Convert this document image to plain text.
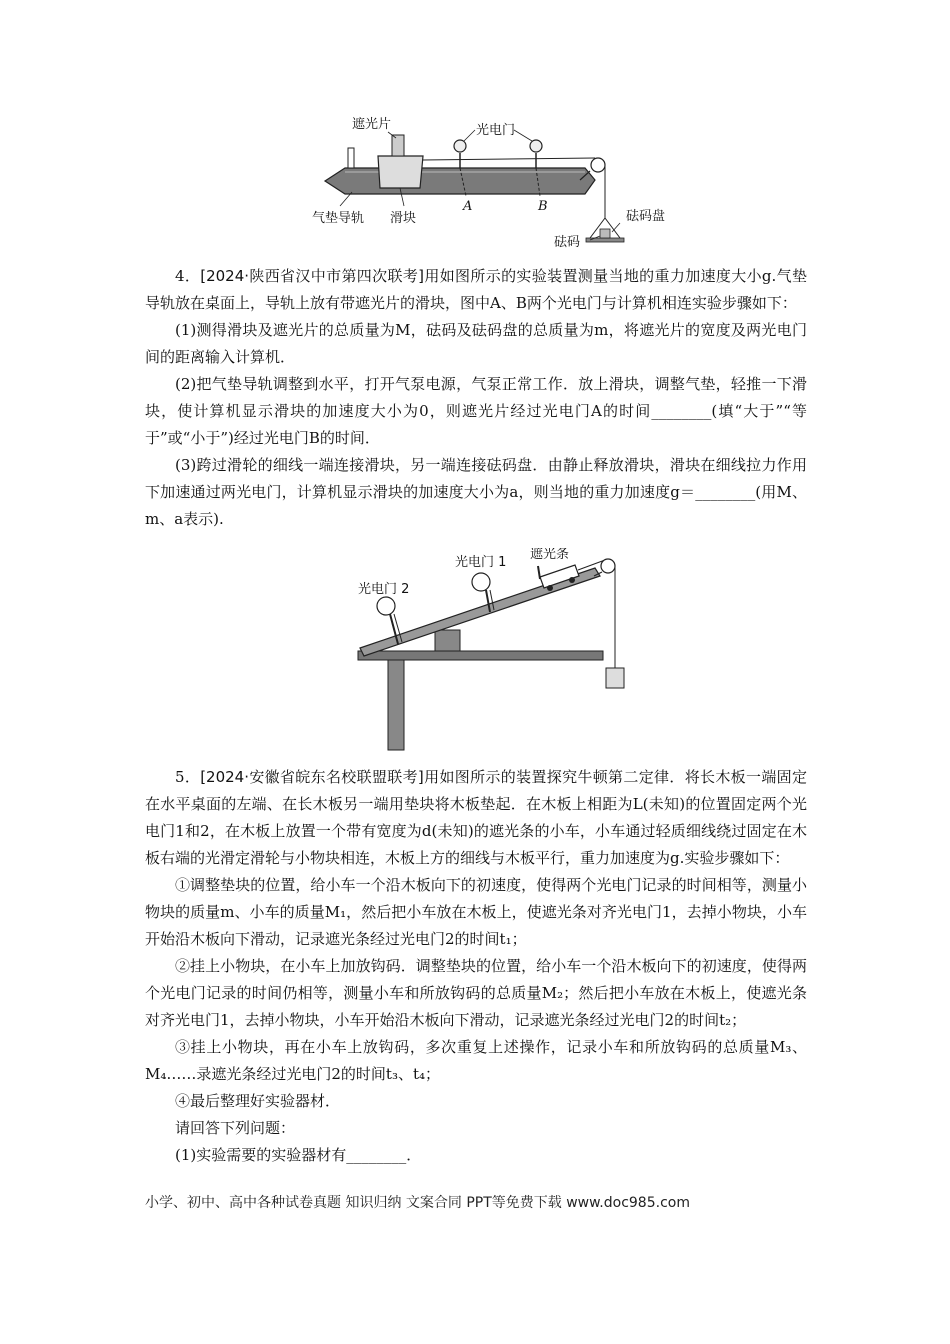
遮光片	光电门
气垫导轨 滑块
A	B
砝码盘
砝码

4．[2024·陕西省汉中市第四次联考]用如图所示的实验装置测量当地的重力加速度大小g.气垫导轨放在桌面上，导轨上放有带遮光片的滑块，图中A、B两个光电门与计算机相连实验步骤如下：

(1)测得滑块及遮光片的总质量为M，砝码及砝码盘的总质量为m，将遮光片的宽度及两光电门间的距离输入计算机．

(2)把气垫导轨调整到水平，打开气泵电源，气泵正常工作．放上滑块，调整气垫，轻推一下滑块，使计算机显示滑块的加速度大小为0，则遮光片经过光电门A的时间________(填“大于”“等于”或“小于”)经过光电门B的时间．

(3)跨过滑轮的细线一端连接滑块，另一端连接砝码盘．由静止释放滑块，滑块在细线拉力作用下加速通过两光电门，计算机显示滑块的加速度大小为a，则当地的重力加速度g＝________(用M、m、a表示).

光电门 2
光电门 1
遮光条

5．[2024·安徽省皖东名校联盟联考]用如图所示的装置探究牛顿第二定律．将长木板一端固定在水平桌面的左端、在长木板另一端用垫块将木板垫起．在木板上相距为L(未知)的位置固定两个光电门1和2，在木板上放置一个带有宽度为d(未知)的遮光条的小车，小车通过轻质细线绕过固定在木板右端的光滑定滑轮与小物块相连，木板上方的细线与木板平行，重力加速度为g.实验步骤如下：

①调整垫块的位置，给小车一个沿木板向下的初速度，使得两个光电门记录的时间相等，测量小物块的质量m、小车的质量M₁，然后把小车放在木板上，使遮光条对齐光电门1，去掉小物块，小车开始沿木板向下滑动，记录遮光条经过光电门2的时间t₁；

②挂上小物块，在小车上加放钩码．调整垫块的位置，给小车一个沿木板向下的初速度，使得两个光电门记录的时间仍相等，测量小车和所放钩码的总质量M₂；然后把小车放在木板上，使遮光条对齐光电门1，去掉小物块，小车开始沿木板向下滑动，记录遮光条经过光电门2的时间t₂；

③挂上小物块，再在小车上放钩码，多次重复上述操作，记录小车和所放钩码的总质量M₃、M₄……录遮光条经过光电门2的时间t₃、t₄；

④最后整理好实验器材．

请回答下列问题：

(1)实验需要的实验器材有________．

小学、初中、高中各种试卷真题 知识归纳 文案合同 PPT等免费下载 www.doc985.com
